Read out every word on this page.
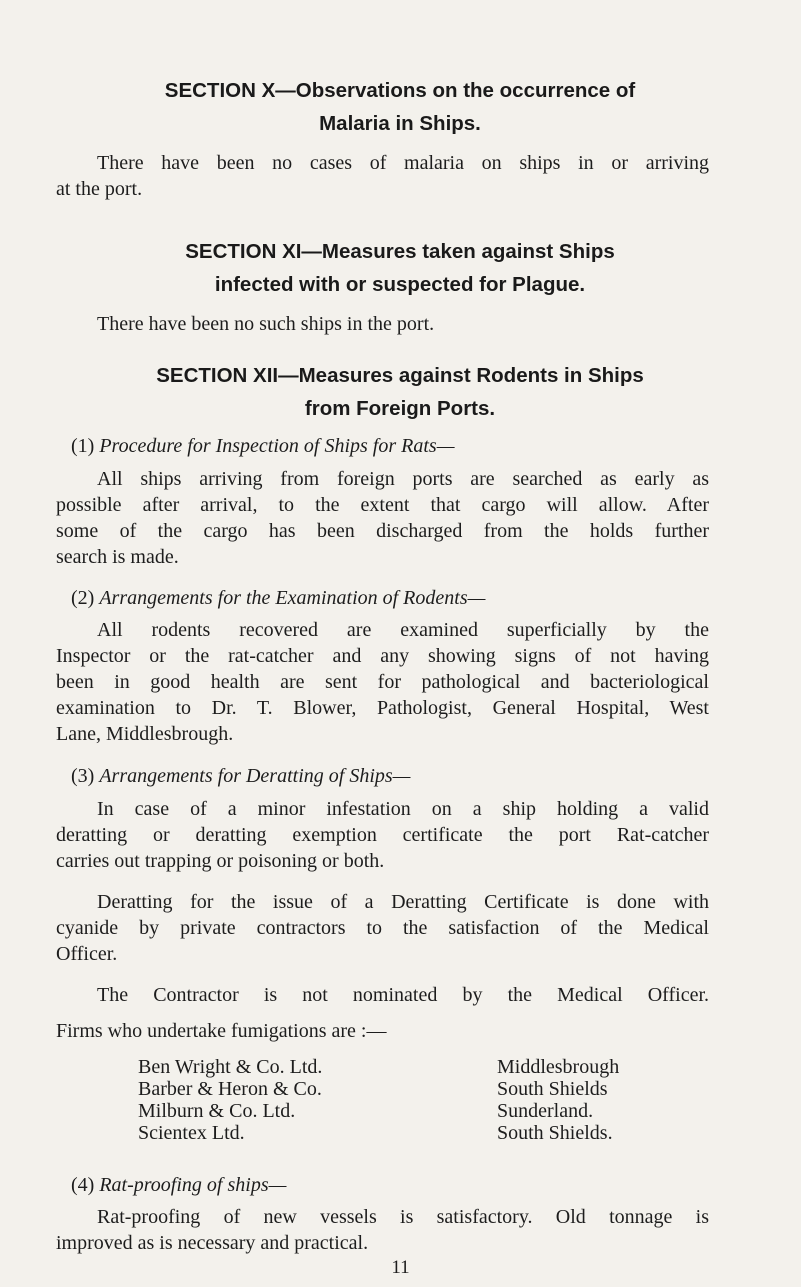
SECTION X—Observations on the occurrence of
Malaria in Ships.
There have been no cases of malaria on ships in or arriving
at the port.
SECTION XI—Measures taken against Ships
infected with or suspected for Plague.
There have been no such ships in the port.
SECTION XII—Measures against Rodents in Ships
from Foreign Ports.
(1) Procedure for Inspection of Ships for Rats—
All ships arriving from foreign ports are searched as early as
possible after arrival, to the extent that cargo will allow. After
some of the cargo has been discharged from the holds further
search is made.
(2) Arrangements for the Examination of Rodents—
All rodents recovered are examined superficially by the
Inspector or the rat-catcher and any showing signs of not having
been in good health are sent for pathological and bacteriological
examination to Dr. T. Blower, Pathologist, General Hospital, West
Lane, Middlesbrough.
(3) Arrangements for Deratting of Ships—
In case of a minor infestation on a ship holding a valid
deratting or deratting exemption certificate the port Rat-catcher
carries out trapping or poisoning or both.
Deratting for the issue of a Deratting Certificate is done with
cyanide by private contractors to the satisfaction of the Medical
Officer.
The Contractor is not nominated by the Medical Officer.
Firms who undertake fumigations are :—
Ben Wright & Co. Ltd.	Middlesbrough
Barber & Heron & Co.	South Shields
Milburn & Co. Ltd.	Sunderland.
Scientex Ltd.	South Shields.
(4) Rat-proofing of ships—
Rat-proofing of new vessels is satisfactory. Old tonnage is
improved as is necessary and practical.
11
